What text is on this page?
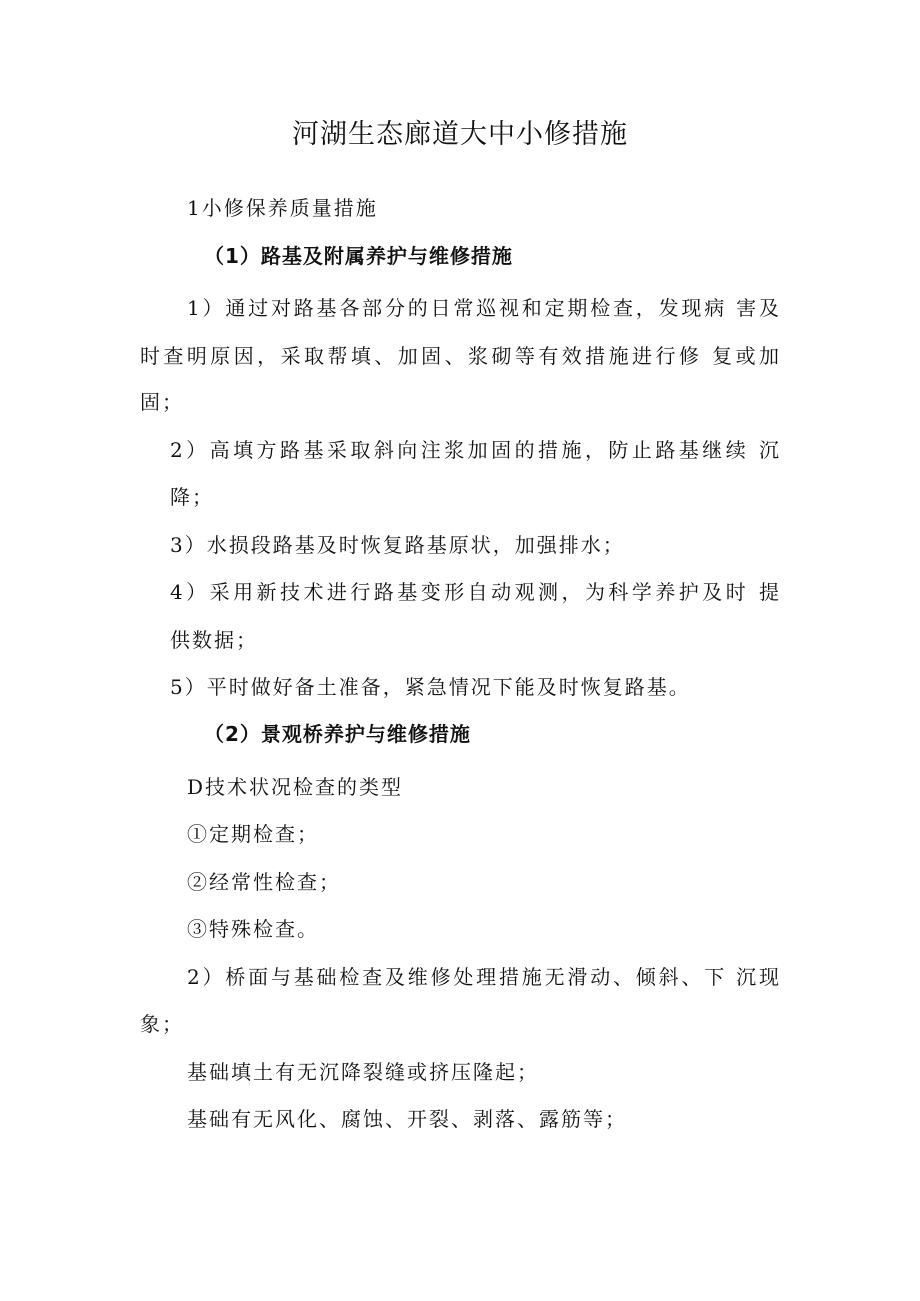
河湖生态廊道大中小修措施
1小修保养质量措施
（1）路基及附属养护与维修措施
1）通过对路基各部分的日常巡视和定期检查，发现病 害及
时查明原因，采取帮填、加固、浆砌等有效措施进行修 复或加
固；
2）高填方路基采取斜向注浆加固的措施，防止路基继续 沉
降；
3）水损段路基及时恢复路基原状，加强排水；
4）采用新技术进行路基变形自动观测，为科学养护及时 提
供数据；
5）平时做好备土准备，紧急情况下能及时恢复路基。
（2）景观桥养护与维修措施
D技术状况检查的类型
①定期检查；
②经常性检查；
③特殊检查。
2）桥面与基础检查及维修处理措施无滑动、倾斜、下 沉现
象；
基础填土有无沉降裂缝或挤压隆起；
基础有无风化、腐蚀、开裂、剥落、露筋等；
